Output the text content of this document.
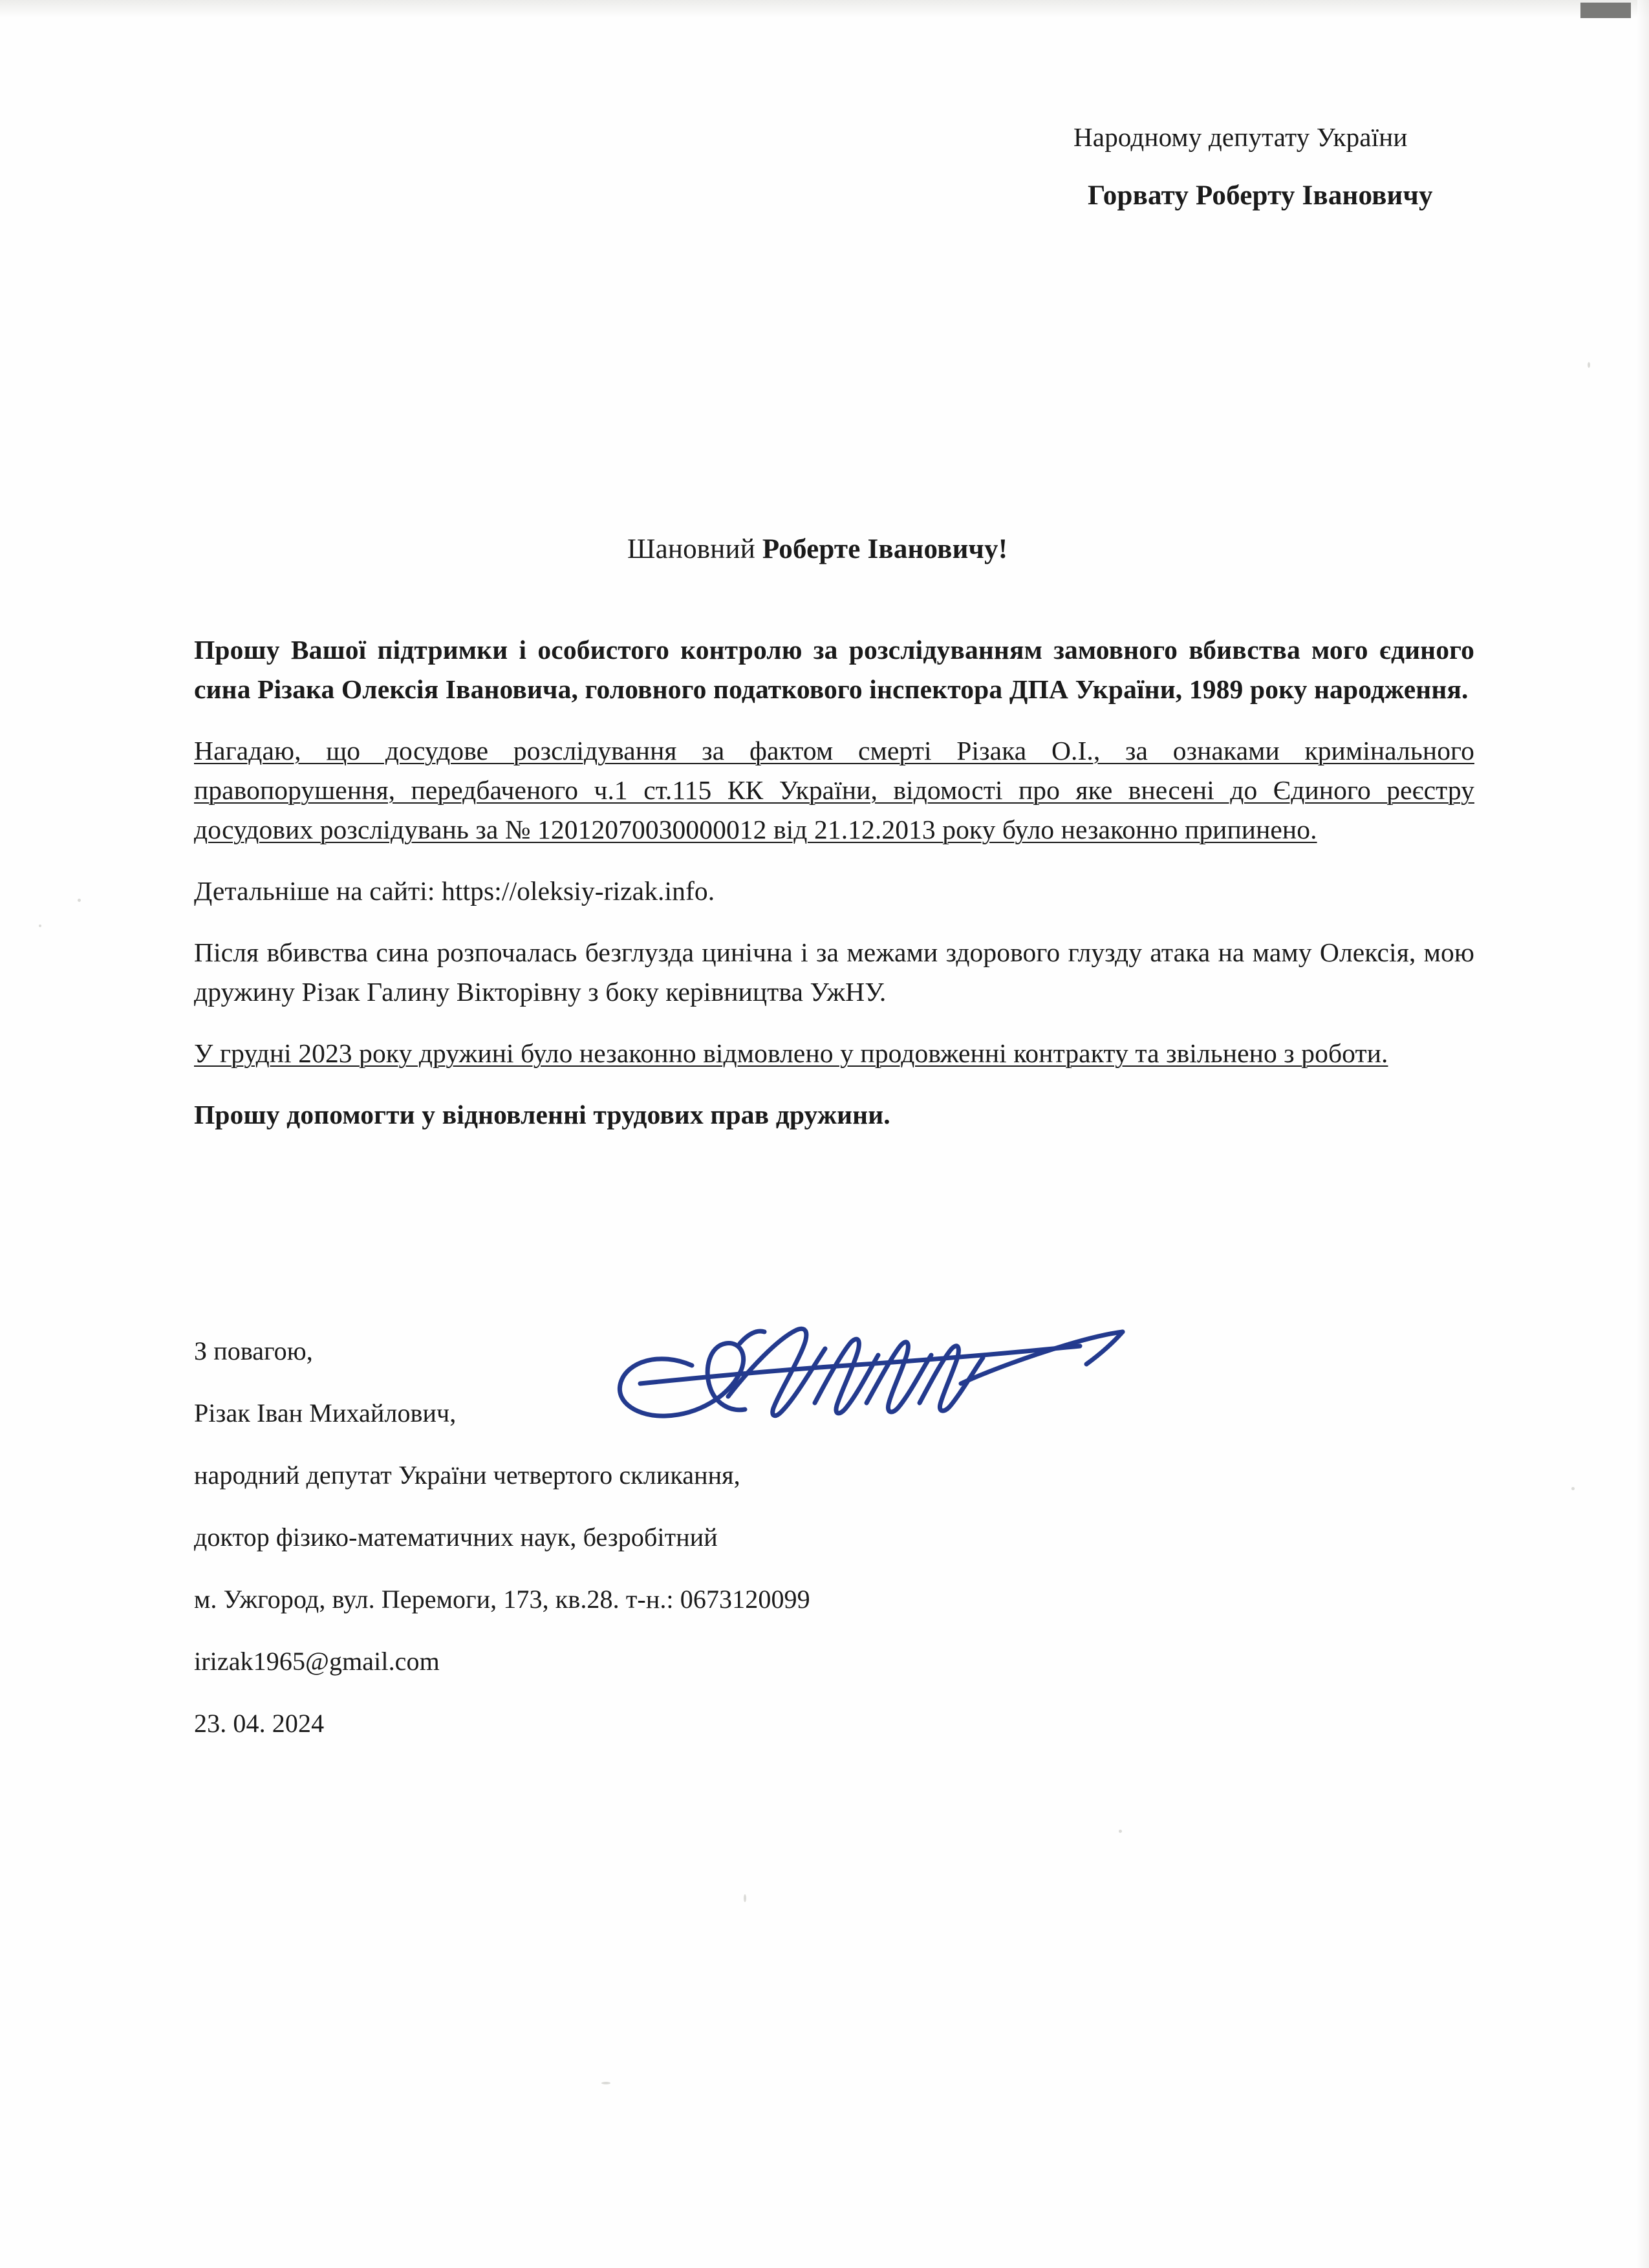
Народному депутату України
Горвату Роберту Івановичу
Шановний Роберте Івановичу!

Прошу Вашої підтримки і особистого контролю за розслідуванням замовного вбивства мого єдиного сина Різака Олексія Івановича, головного податкового інспектора ДПА України, 1989 року народження.

Нагадаю, що досудове розслідування за фактом смерті Різака О.І., за ознаками кримінального правопорушення, передбаченого ч.1 ст.115 КК України, відомості про яке внесені до Єдиного реєстру досудових розслідувань за № 12012070030000012 від 21.12.2013 року було незаконно припинено.

Детальніше на сайті: https://oleksiy-rizak.info.

Після вбивства сина розпочалась безглузда цинічна і за межами здорового глузду атака на маму Олексія, мою дружину Різак Галину Вікторівну з боку керівництва УжНУ.

У грудні 2023 року дружині було незаконно відмовлено у продовженні контракту та звільнено з роботи.

Прошу допомогти у відновленні трудових прав дружини.

З повагою,
Різак Іван Михайлович,
народний депутат України четвертого скликання,
доктор фізико-математичних наук, безробітний
м. Ужгород, вул. Перемоги, 173, кв.28. т-н.: 0673120099
irizak1965@gmail.com
23. 04. 2024
